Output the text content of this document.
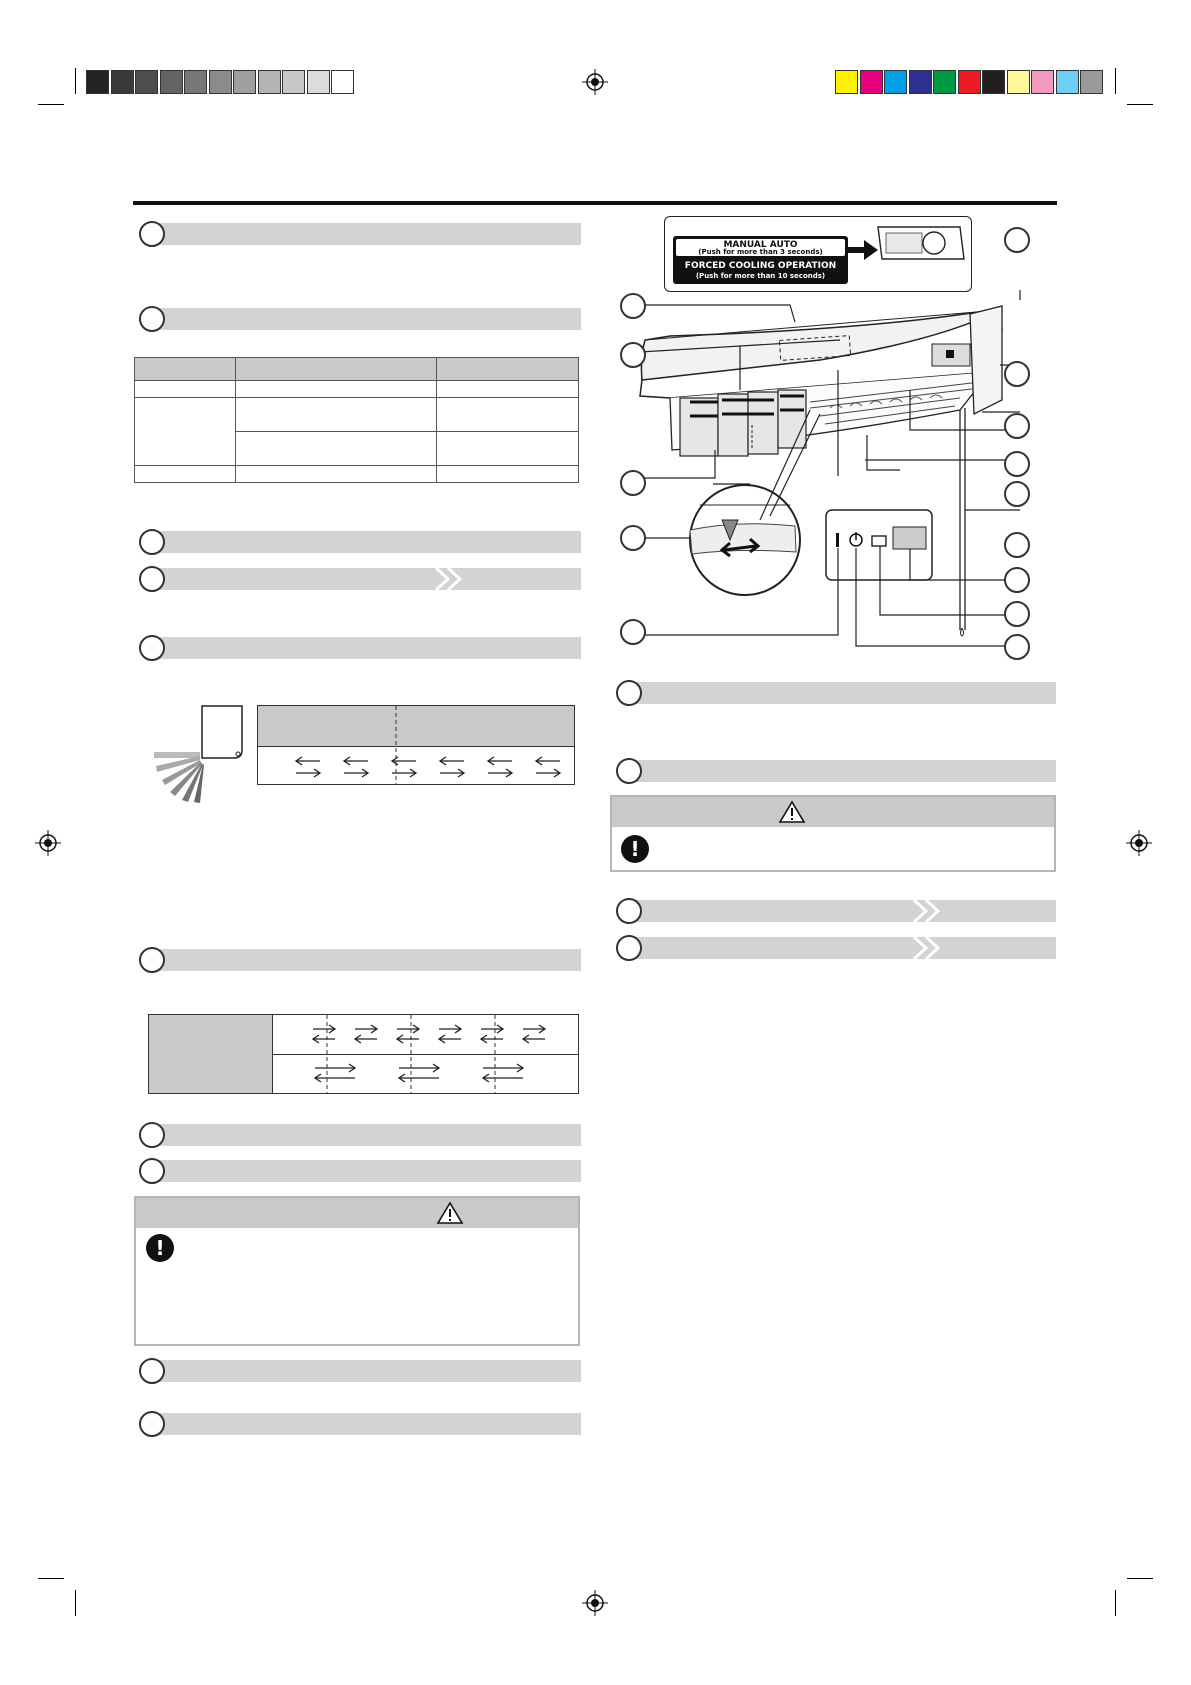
!
MANUAL AUTO
(Push for more than 3 seconds)
FORCED COOLING OPERATION
(Push for more than 10 seconds)
!
